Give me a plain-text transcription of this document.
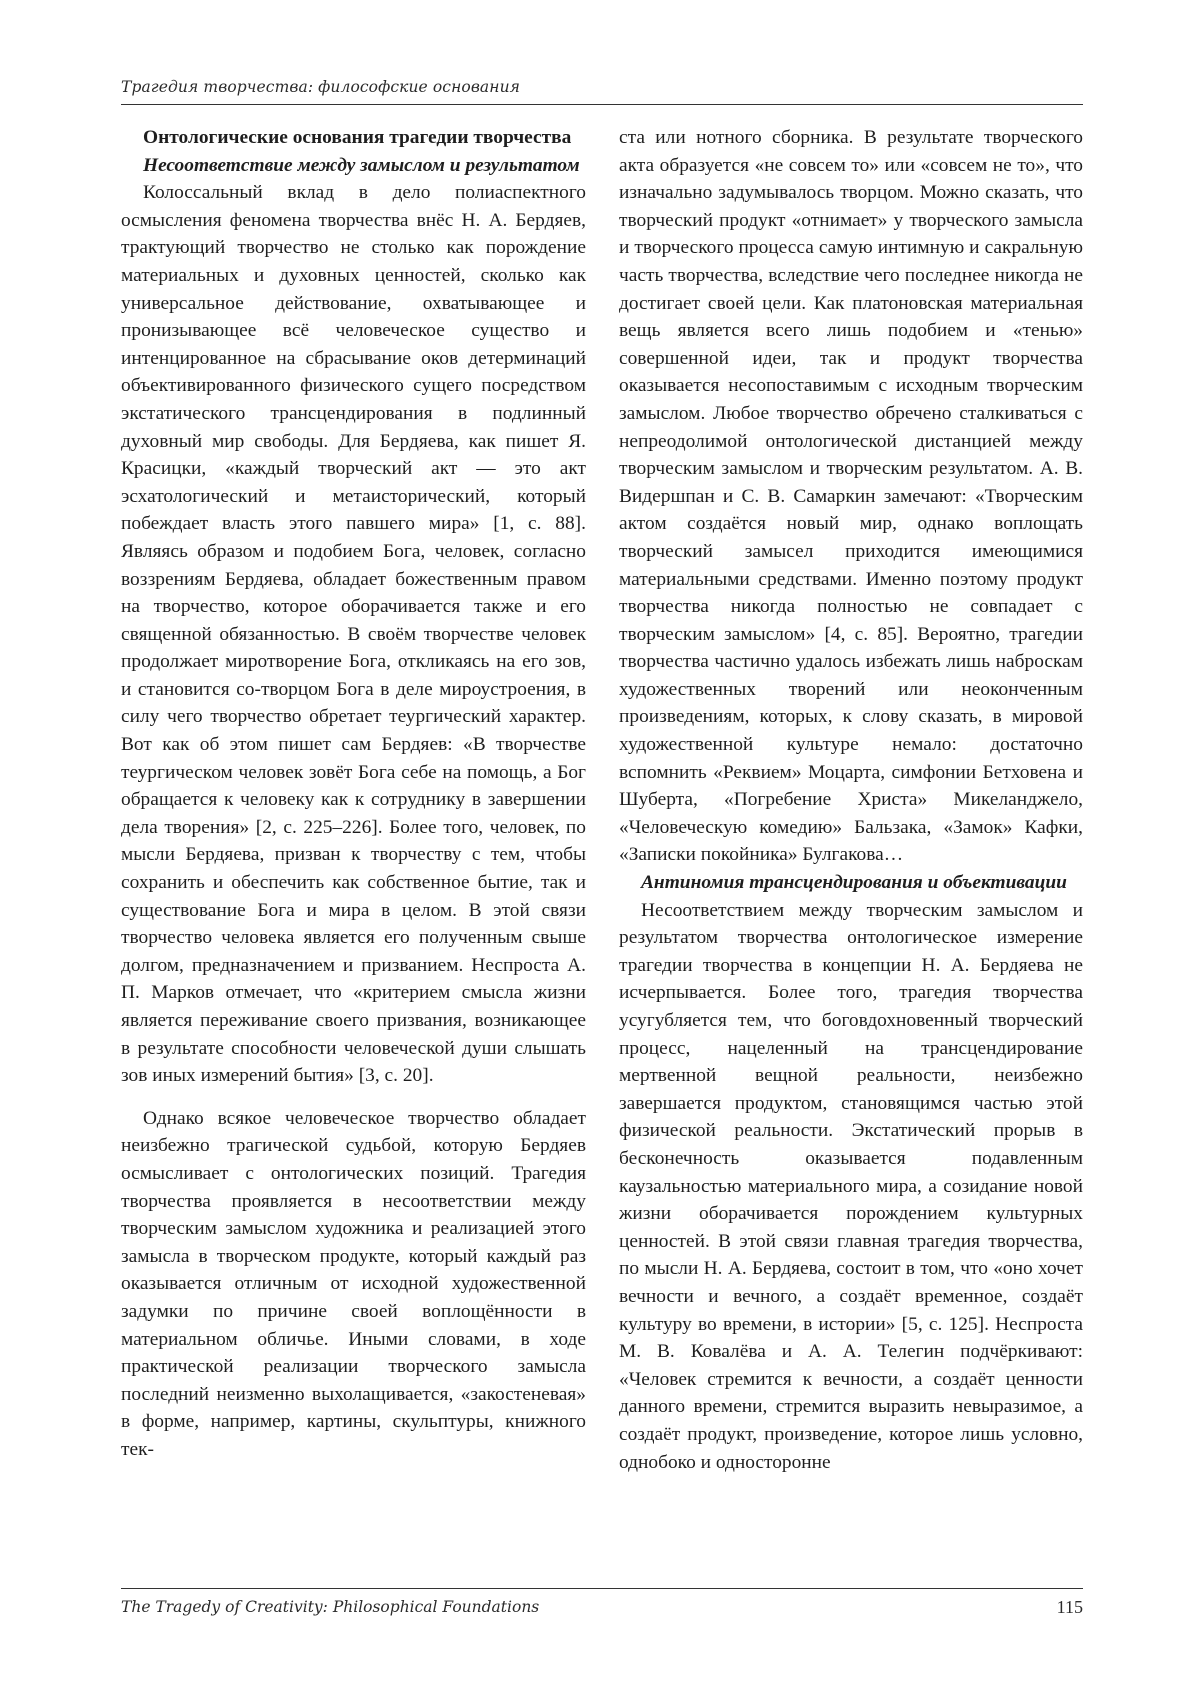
Трагедия творчества: философские основания

Онтологические основания трагедии творчества

Несоответствие между замыслом и результатом

Колоссальный вклад в дело полиаспектного осмысления феномена творчества внёс Н. А. Бердяев, трактующий творчество не столько как порождение материальных и духовных ценностей, сколько как универсальное действование, охватывающее и пронизывающее всё человеческое существо и интенцированное на сбрасывание оков детерминаций объективированного физического сущего посредством экстатического трансцендирования в подлинный духовный мир свободы. Для Бердяева, как пишет Я. Красицки, «каждый творческий акт — это акт эсхатологический и метаисторический, который побеждает власть этого павшего мира» [1, с. 88]. Являясь образом и подобием Бога, человек, согласно воззрениям Бердяева, обладает божественным правом на творчество, которое оборачивается также и его священной обязанностью. В своём творчестве человек продолжает миротворение Бога, откликаясь на его зов, и становится со-творцом Бога в деле мироустроения, в силу чего творчество обретает теургический характер. Вот как об этом пишет сам Бердяев: «В творчестве теургическом человек зовёт Бога себе на помощь, а Бог обращается к человеку как к сотруднику в завершении дела творения» [2, с. 225–226]. Более того, человек, по мысли Бердяева, призван к творчеству с тем, чтобы сохранить и обеспечить как собственное бытие, так и существование Бога и мира в целом. В этой связи творчество человека является его полученным свыше долгом, предназначением и призванием. Неспроста А. П. Марков отмечает, что «критерием смысла жизни является переживание своего призвания, возникающее в результате способности человеческой души слышать зов иных измерений бытия» [3, с. 20].

Однако всякое человеческое творчество обладает неизбежно трагической судьбой, которую Бердяев осмысливает с онтологических позиций. Трагедия творчества проявляется в несоответствии между творческим замыслом художника и реализацией этого замысла в творческом продукте, который каждый раз оказывается отличным от исходной художественной задумки по причине своей воплощённости в материальном обличье. Иными словами, в ходе практической реализации творческого замысла последний неизменно выхолащивается, «закостеневая» в форме, например, картины, скульптуры, книжного тек-

ста или нотного сборника. В результате творческого акта образуется «не совсем то» или «совсем не то», что изначально задумывалось творцом. Можно сказать, что творческий продукт «отнимает» у творческого замысла и творческого процесса самую интимную и сакральную часть творчества, вследствие чего последнее никогда не достигает своей цели. Как платоновская материальная вещь является всего лишь подобием и «тенью» совершенной идеи, так и продукт творчества оказывается несопоставимым с исходным творческим замыслом. Любое творчество обречено сталкиваться с непреодолимой онтологической дистанцией между творческим замыслом и творческим результатом. А. В. Видершпан и С. В. Самаркин замечают: «Творческим актом создаётся новый мир, однако воплощать творческий замысел приходится имеющимися материальными средствами. Именно поэтому продукт творчества никогда полностью не совпадает с творческим замыслом» [4, с. 85]. Вероятно, трагедии творчества частично удалось избежать лишь наброскам художественных творений или неоконченным произведениям, которых, к слову сказать, в мировой художественной культуре немало: достаточно вспомнить «Реквием» Моцарта, симфонии Бетховена и Шуберта, «Погребение Христа» Микеланджело, «Человеческую комедию» Бальзака, «Замок» Кафки, «Записки покойника» Булгакова…

Антиномия трансцендирования и объективации

Несоответствием между творческим замыслом и результатом творчества онтологическое измерение трагедии творчества в концепции Н. А. Бердяева не исчерпывается. Более того, трагедия творчества усугубляется тем, что боговдохновенный творческий процесс, нацеленный на трансцендирование мертвенной вещной реальности, неизбежно завершается продуктом, становящимся частью этой физической реальности. Экстатический прорыв в бесконечность оказывается подавленным каузальностью материального мира, а созидание новой жизни оборачивается порождением культурных ценностей. В этой связи главная трагедия творчества, по мысли Н. А. Бердяева, состоит в том, что «оно хочет вечности и вечного, а создаёт временное, создаёт культуру во времени, в истории» [5, с. 125]. Неспроста М. В. Ковалёва и А. А. Телегин подчёркивают: «Человек стремится к вечности, а создаёт ценности данного времени, стремится выразить невыразимое, а создаёт продукт, произведение, которое лишь условно, однобоко и односторонне

The Tragedy of Creativity: Philosophical Foundations	115
